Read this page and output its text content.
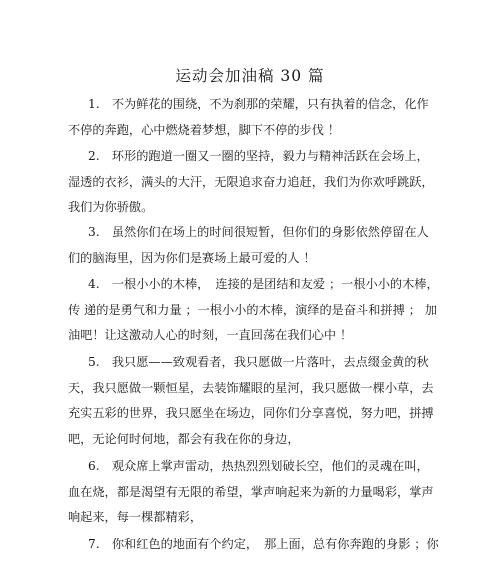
运动会加油稿 30 篇
1.　不为鲜花的围绕，不为刹那的荣耀，只有执着的信念，化作
不停的奔跑，心中燃烧着梦想，脚下不停的步伐 ！
2.　环形的跑道一圈又一圈的坚持，毅力与精神活跃在会场上，
湿透的衣衫，满头的大汗，无限追求奋力追赶，我们为你欢呼跳跃，
我们为你骄傲。
3.　虽然你们在场上的时间很短暂，但你们的身影依然停留在人
们的脑海里，因为你们是赛场上最可爱的人 ！
4.　一根小小的木棒，　连接的是团结和友爱 ；一根小小的木棒，
传 递的是勇气和力量 ；一根小小的木棒，演绎的是奋斗和拼搏 ； 加
油吧！让这激动人心的时刻，一直回荡在我们心中 ！
5.　我只愿——致观看者，我只愿做一片落叶，去点缀金黄的秋
天，我只愿做一颗恒星，去装饰耀眼的星河，我只愿做一棵小草，去
充实五彩的世界，我只愿坐在场边，同你们分享喜悦，努力吧，拼搏
吧，无论何时何地，都会有我在你的身边，
6.　观众席上掌声雷动，热热烈烈划破长空，他们的灵魂在叫，
血在烧，都是渴望有无限的希望，掌声响起来为新的力量喝彩，掌声
响起来，每一棵都精彩，
7.　你和红色的地面有个约定，　那上面，总有你奔跑的身影 ；你
